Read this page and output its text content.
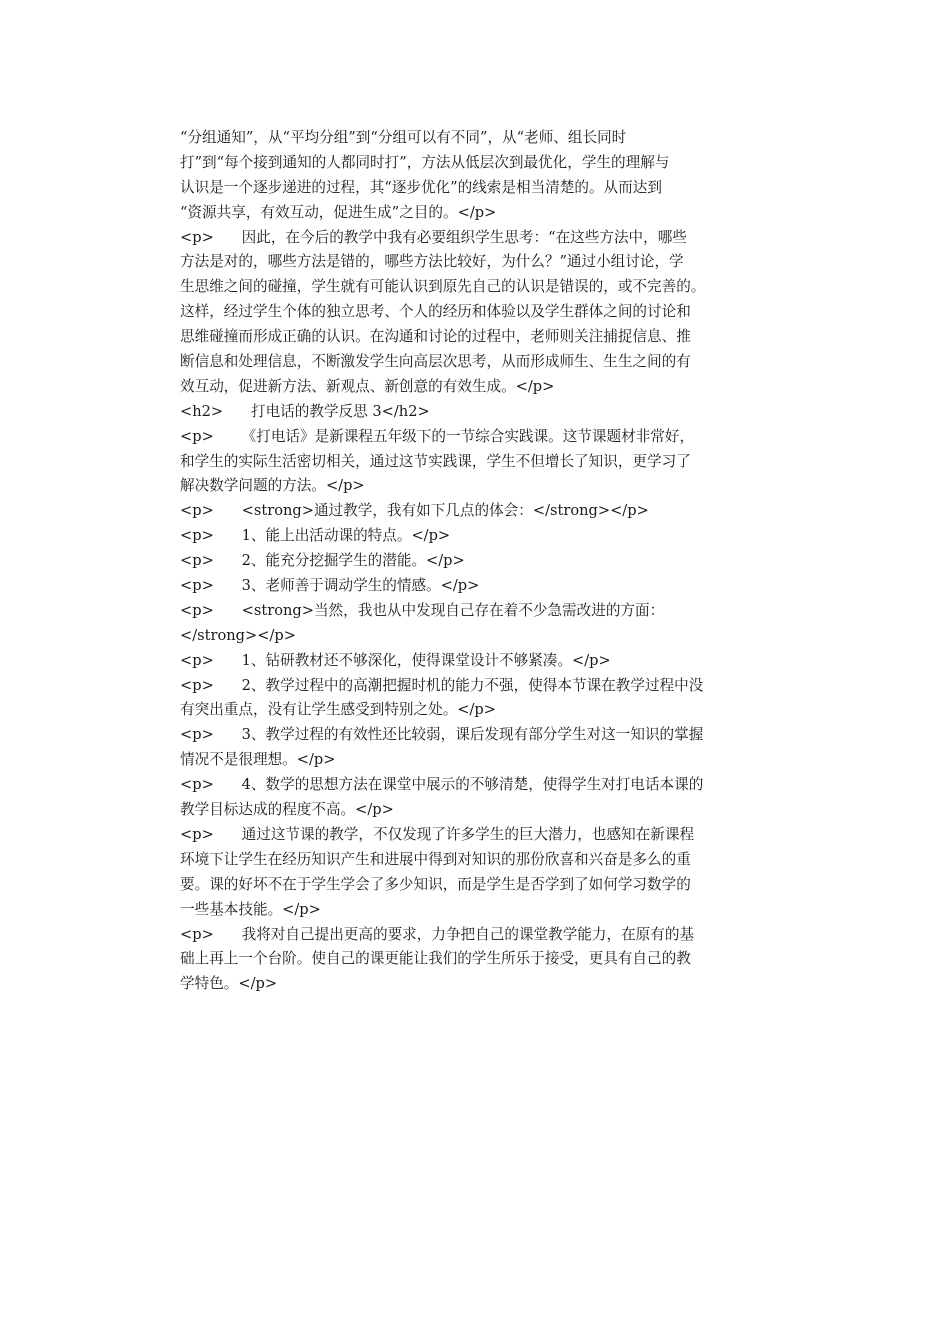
“分组通知”，从“平均分组”到“分组可以有不同”，从“老师、组长同时
打”到“每个接到通知的人都同时打”，方法从低层次到最优化，学生的理解与
认识是一个逐步递进的过程，其“逐步优化”的线索是相当清楚的。从而达到
“资源共享，有效互动，促进生成”之目的。</p>
<p>      因此，在今后的教学中我有必要组织学生思考：“在这些方法中，哪些
方法是对的，哪些方法是错的，哪些方法比较好，为什么？”通过小组讨论，学
生思维之间的碰撞，学生就有可能认识到原先自己的认识是错误的，或不完善的。
这样，经过学生个体的独立思考、个人的经历和体验以及学生群体之间的讨论和
思维碰撞而形成正确的认识。在沟通和讨论的过程中，老师则关注捕捉信息、推
断信息和处理信息，不断激发学生向高层次思考，从而形成师生、生生之间的有
效互动，促进新方法、新观点、新创意的有效生成。</p>
<h2>      打电话的教学反思 3</h2>
<p>      《打电话》是新课程五年级下的一节综合实践课。这节课题材非常好，
和学生的实际生活密切相关，通过这节实践课，学生不但增长了知识，更学习了
解决数学问题的方法。</p>
<p>      <strong>通过教学，我有如下几点的体会：</strong></p>
<p>      1、能上出活动课的特点。</p>
<p>      2、能充分挖掘学生的潜能。</p>
<p>      3、老师善于调动学生的情感。</p>
<p>      <strong>当然，我也从中发现自己存在着不少急需改进的方面：
</strong></p>
<p>      1、钻研教材还不够深化，使得课堂设计不够紧凑。</p>
<p>      2、教学过程中的高潮把握时机的能力不强，使得本节课在教学过程中没
有突出重点，没有让学生感受到特别之处。</p>
<p>      3、教学过程的有效性还比较弱，课后发现有部分学生对这一知识的掌握
情况不是很理想。</p>
<p>      4、数学的思想方法在课堂中展示的不够清楚，使得学生对打电话本课的
教学目标达成的程度不高。</p>
<p>      通过这节课的教学，不仅发现了许多学生的巨大潜力，也感知在新课程
环境下让学生在经历知识产生和进展中得到对知识的那份欣喜和兴奋是多么的重
要。课的好坏不在于学生学会了多少知识，而是学生是否学到了如何学习数学的
一些基本技能。</p>
<p>      我将对自己提出更高的要求，力争把自己的课堂教学能力，在原有的基
础上再上一个台阶。使自己的课更能让我们的学生所乐于接受，更具有自己的教
学特色。</p>
